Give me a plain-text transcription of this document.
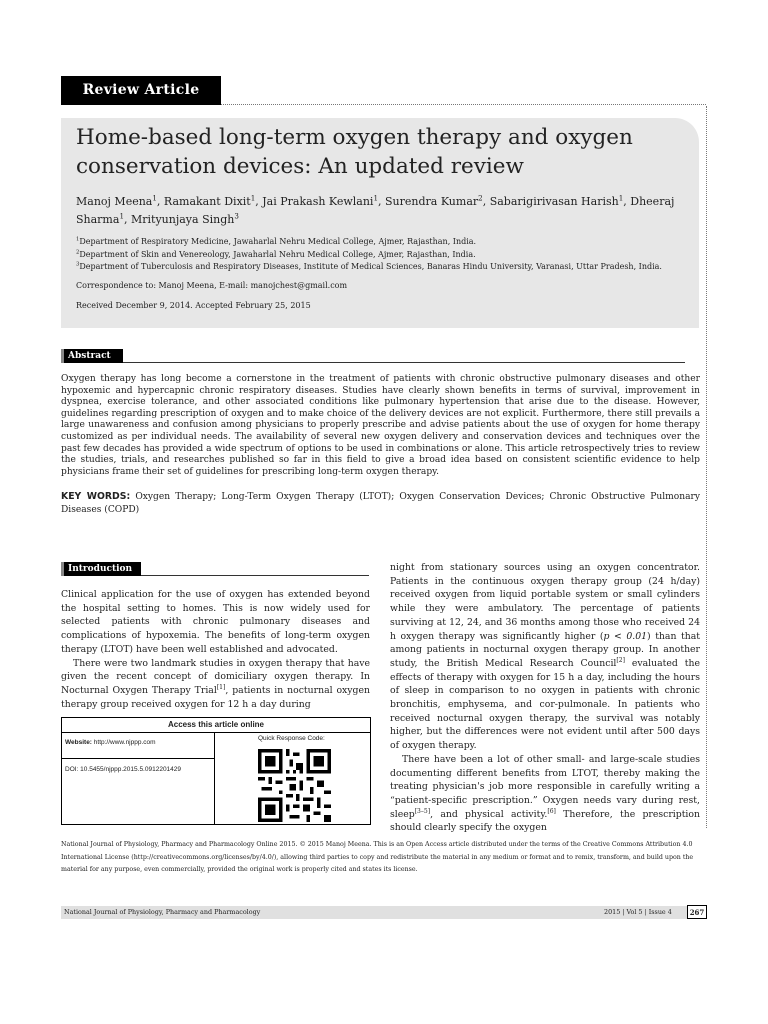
Review Article
Home-based long-term oxygen therapy and oxygen conservation devices: An updated review
Manoj Meena$^1$, Ramakant Dixit$^1$, Jai Prakash Kewlani$^1$, Surendra Kumar$^2$, Sabarigirivasan Harish$^1$, Dheeraj Sharma$^1$, Mrityunjaya Singh$^3$
$^1$Department of Respiratory Medicine, Jawaharlal Nehru Medical College, Ajmer, Rajasthan, India.
$^2$Department of Skin and Venereology, Jawaharlal Nehru Medical College, Ajmer, Rajasthan, India.
$^3$Department of Tuberculosis and Respiratory Diseases, Institute of Medical Sciences, Banaras Hindu University, Varanasi, Uttar Pradesh, India.
Correspondence to: Manoj Meena, E-mail: manojchest@gmail.com
Received December 9, 2014. Accepted February 25, 2015
Abstract
Oxygen therapy has long become a cornerstone in the treatment of patients with chronic obstructive pulmonary diseases and other hypoxemic and hypercapnic chronic respiratory diseases. Studies have clearly shown benefits in terms of survival, improvement in dyspnea, exercise tolerance, and other associated conditions like pulmonary hypertension that arise due to the disease. However, guidelines regarding prescription of oxygen and to make choice of the delivery devices are not explicit. Furthermore, there still prevails a large unawareness and confusion among physicians to properly prescribe and advise patients about the use of oxygen for home therapy customized as per individual needs. The availability of several new oxygen delivery and conservation devices and techniques over the past few decades has provided a wide spectrum of options to be used in combinations or alone. This article retrospectively tries to review the studies, trials, and researches published so far in this field to give a broad idea based on consistent scientific evidence to help physicians frame their set of guidelines for prescribing long-term oxygen therapy.
KEY WORDS: Oxygen Therapy; Long-Term Oxygen Therapy (LTOT); Oxygen Conservation Devices; Chronic Obstructive Pulmonary Diseases (COPD)
Introduction
Clinical application for the use of oxygen has extended beyond the hospital setting to homes. This is now widely used for selected patients with chronic pulmonary diseases and complications of hypoxemia. The benefits of long-term oxygen therapy (LTOT) have been well established and advocated.
There were two landmark studies in oxygen therapy that have given the recent concept of domiciliary oxygen therapy. In Nocturnal Oxygen Therapy Trial[1], patients in nocturnal oxygen therapy group received oxygen for 12 h a day during
Access this article online
Website: http://www.njppp.com
DOI: 10.5455/njppp.2015.5.0912201429
Quick Response Code:
night from stationary sources using an oxygen concentrator. Patients in the continuous oxygen therapy group (24 h/day) received oxygen from liquid portable system or small cylinders while they were ambulatory. The percentage of patients surviving at 12, 24, and 36 months among those who received 24 h oxygen therapy was significantly higher (p < 0.01) than that among patients in nocturnal oxygen therapy group. In another study, the British Medical Research Council[2] evaluated the effects of therapy with oxygen for 15 h a day, including the hours of sleep in comparison to no oxygen in patients with chronic bronchitis, emphysema, and cor-pulmonale. In patients who received nocturnal oxygen therapy, the survival was notably higher, but the differences were not evident until after 500 days of oxygen therapy.
There have been a lot of other small- and large-scale studies documenting different benefits from LTOT, thereby making the treating physician's job more responsible in carefully writing a “patient-specific prescription.” Oxygen needs vary during rest, sleep[3–5], and physical activity.[6] Therefore, the prescription should clearly specify the oxygen
National Journal of Physiology, Pharmacy and Pharmacology Online 2015. © 2015 Manoj Meena. This is an Open Access article distributed under the terms of the Creative Commons Attribution 4.0 International License (http://creativecommons.org/licenses/by/4.0/), allowing third parties to copy and redistribute the material in any medium or format and to remix, transform, and build upon the material for any purpose, even commercially, provided the original work is properly cited and states its license.
National Journal of Physiology, Pharmacy and Pharmacology	2015 | Vol 5 | Issue 4	267
